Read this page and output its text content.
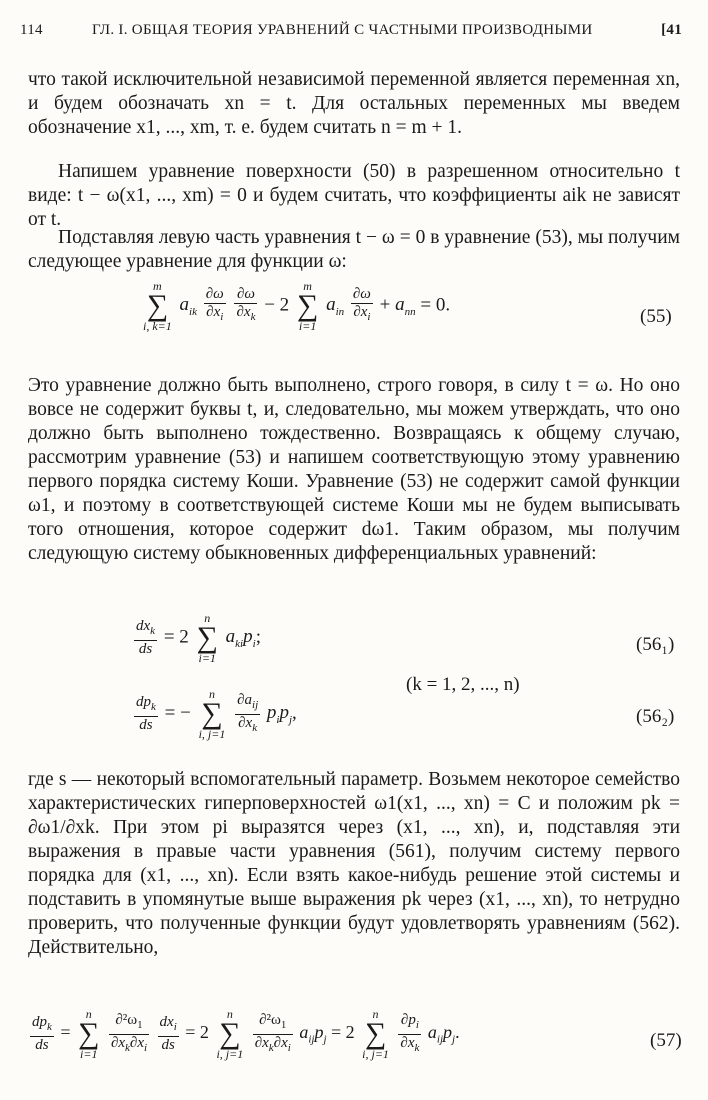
114	ГЛ. I. ОБЩАЯ ТЕОРИЯ УРАВНЕНИЙ С ЧАСТНЫМИ ПРОИЗВОДНЫМИ	[41

что такой исключительной независимой переменной является переменная xn, и будем обозначать xn = t. Для остальных переменных мы введем обозначение x1, ..., xm, т. е. будем считать n = m + 1.

Напишем уравнение поверхности (50) в разрешенном относительно t виде: t − ω(x1, ..., xm) = 0 и будем считать, что коэффициенты aik не зависят от t.

Подставляя левую часть уравнения t − ω = 0 в уравнение (53), мы получим следующее уравнение для функции ω:

m
∑
i, k=1
$a_{ik} \frac{\partial\omega}{\partial x_i}$
$\frac{\partial\omega}{\partial x_k} - 2$
m
∑
i=1
$a_{in} \frac{\partial\omega}{\partial x_i} + a_{nn} = 0$.
(55)

Это уравнение должно быть выполнено, строго говоря, в силу t = ω. Но оно вовсе не содержит буквы t, и, следовательно, мы можем утверждать, что оно должно быть выполнено тождественно. Возвращаясь к общему случаю, рассмотрим уравнение (53) и напишем соответствующую этому уравнению первого порядка систему Коши. Уравнение (53) не содержит самой функции ω1, и поэтому в соответствующей системе Коши мы не будем выписывать того отношения, которое содержит dω1. Таким образом, мы получим следующую систему обыкновенных дифференциальных уравнений:

$\frac{dx_k}{ds} = 2$
n
∑
i=1
$a_{ki}p_i$;	(56₁)
(k = 1, 2, ..., n)
$\frac{dp_k}{ds}$ = −
n
∑
i, j=1
$\frac{\partial a_{ij}}{\partial x_k} p_ip_j$,	(56₂)

где s — некоторый вспомогательный параметр. Возьмем некоторое семейство характеристических гиперповерхностей ω1(x1, ..., xn) = C и положим pk = ∂ω1/∂xk. При этом pi выразятся через (x1, ..., xn), и, подставляя эти выражения в правые части уравнения (561), получим систему первого порядка для (x1, ..., xn). Если взять какое-нибудь решение этой системы и подставить в упомянутые выше выражения pk через (x1, ..., xn), то нетрудно проверить, что полученные функции будут удовлетворять уравнениям (562). Действительно,

$\frac{dp_k}{ds}$ =
n
∑
i=1
$\frac{\partial^2\omega_1}{\partial x_k\partial x_i}$
$\frac{dx_i}{ds} = 2$
n
∑
i, j=1
$\frac{\partial^2\omega_1}{\partial x_k\partial x_i} a_{ij}p_j = 2$
n
∑
i, j=1
$\frac{\partial p_i}{\partial x_k} a_{ij}p_j$.	(57)
